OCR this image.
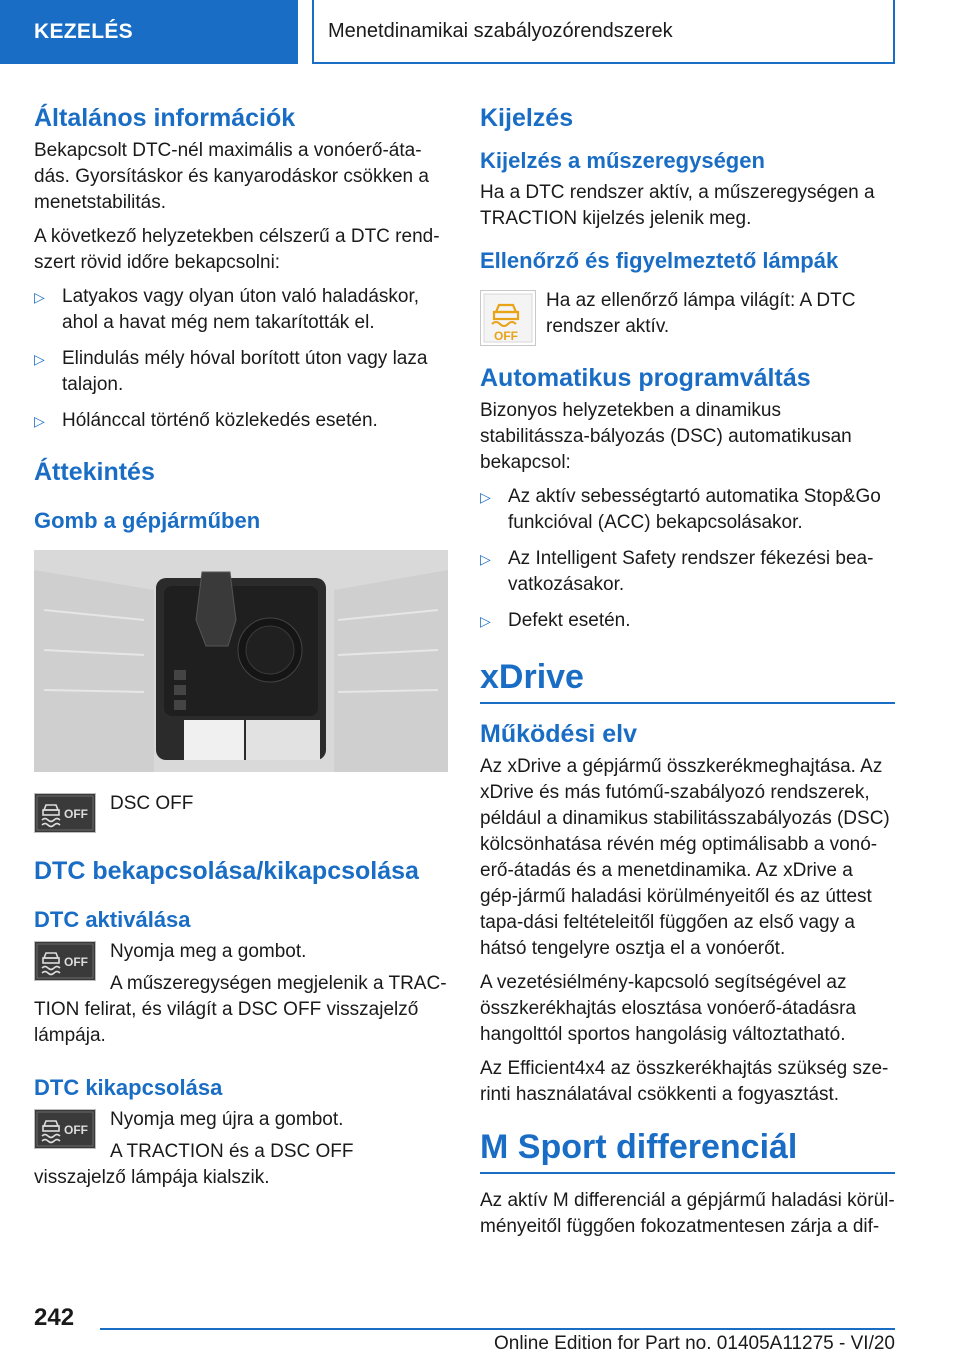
KEZELÉS	Menetdinamikai szabályozórendszerek
Általános információk

Bekapcsolt DTC-nél maximális a vonóerő-áta-dás. Gyorsításkor és kanyarodáskor csökken a menetstabilitás.

A következő helyzetekben célszerű a DTC rend-szert rövid időre bekapcsolni:

▷ Latyakos vagy olyan úton való haladáskor, ahol a havat még nem takarították el.
▷ Elindulás mély hóval borított úton vagy laza talajon.
▷ Hólánccal történő közlekedés esetén.
Áttekintés
Gomb a gépjárműben
DSC OFF
DTC bekapcsolása/kikapcsolása
DTC aktiválása
Nyomja meg a gombot.
A műszeregységen megjelenik a TRAC-TION felirat, és világít a DSC OFF visszajelző lámpája.
DTC kikapcsolása
Nyomja meg újra a gombot.
A TRACTION és a DSC OFF visszajelző lámpája kialszik.
Kijelzés
Kijelzés a műszeregységen

Ha a DTC rendszer aktív, a műszeregységen a TRACTION kijelzés jelenik meg.

Ellenőrző és figyelmeztető lámpák
OFF
Ha az ellenőrző lámpa világít: A DTC rendszer aktív.
Automatikus programváltás

Bizonyos helyzetekben a dinamikus stabilitássza-bályozás (DSC) automatikusan bekapcsol:

▷ Az aktív sebességtartó automatika Stop&Go funkcióval (ACC) bekapcsolásakor.
▷ Az Intelligent Safety rendszer fékezési bea-vatkozásakor.
▷ Defekt esetén.
xDrive
Működési elv

Az xDrive a gépjármű összkerékmeghajtása. Az xDrive és más futómű-szabályozó rendszerek, például a dinamikus stabilitásszabályozás (DSC) kölcsönhatása révén még optimálisabb a vonó-erő-átadás és a menetdinamika. Az xDrive a gép-jármű haladási körülményeitől és az úttest tapa-dási feltételeitől függően az első vagy a hátsó tengelyre osztja el a vonóerőt.

A vezetésiélmény-kapcsoló segítségével az összkerékhajtás elosztása vonóerő-átadásra hangolttól sportos hangolásig változtatható.

Az Efficient4x4 az összkerékhajtás szükség sze-rinti használatával csökkenti a fogyasztást.

M Sport differenciál

Az aktív M differenciál a gépjármű haladási körül-ményeitől függően fokozatmentesen zárja a dif-

242
Online Edition for Part no. 01405A11275 - VI/20
